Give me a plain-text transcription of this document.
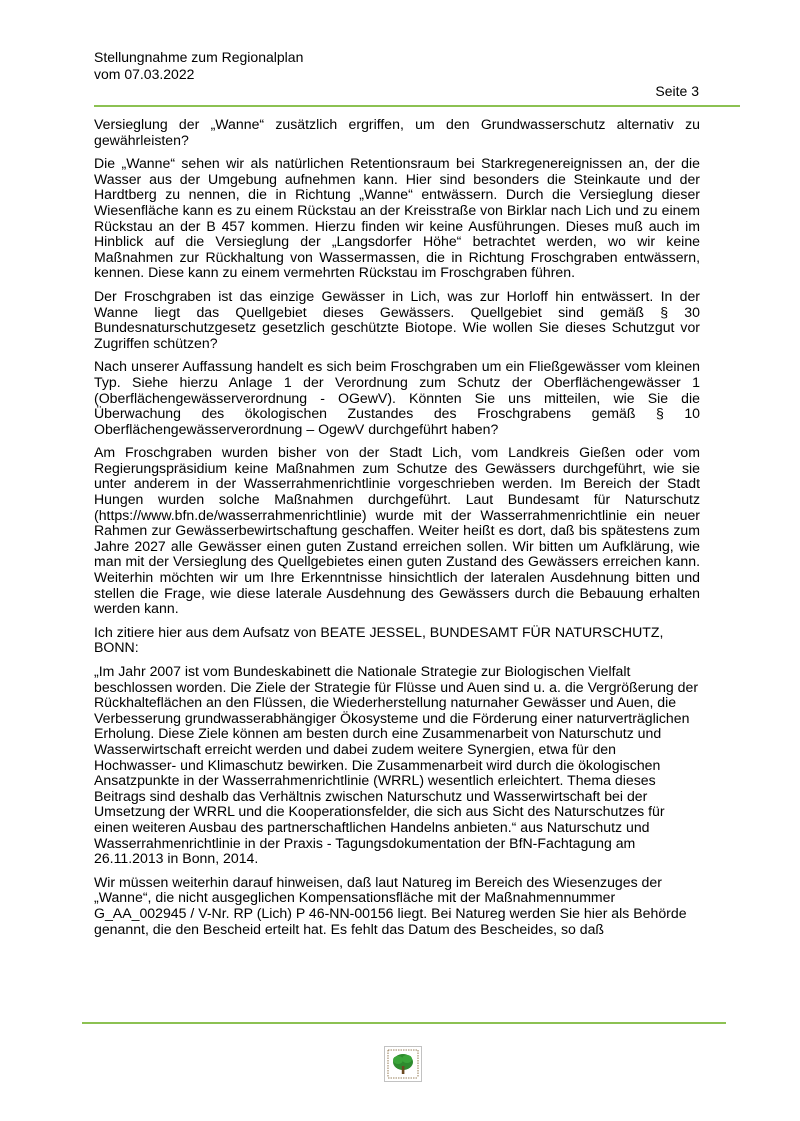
Stellungnahme zum Regionalplan
vom 07.03.2022
Seite 3

Versieglung der „Wanne“ zusätzlich ergriffen, um den Grundwasserschutz alternativ zu gewährleisten?

Die „Wanne“ sehen wir als natürlichen Retentionsraum bei Starkregenereignissen an, der die Wasser aus der Umgebung aufnehmen kann. Hier sind besonders die Steinkaute und der Hardtberg zu nennen, die in Richtung „Wanne“ entwässern. Durch die Versieglung dieser Wiesenfläche kann es zu einem Rückstau an der Kreisstraße von Birklar nach Lich und zu einem Rückstau an der B 457 kommen. Hierzu finden wir keine Ausführungen. Dieses muß auch im Hinblick auf die Versieglung der „Langsdorfer Höhe“ betrachtet werden, wo wir keine Maßnahmen zur Rückhaltung von Wassermassen, die in Richtung Froschgraben entwässern, kennen. Diese kann zu einem vermehrten Rückstau im Froschgraben führen.

Der Froschgraben ist das einzige Gewässer in Lich, was zur Horloff hin entwässert. In der Wanne liegt das Quellgebiet dieses Gewässers. Quellgebiet sind gemäß § 30 Bundesnaturschutzgesetz gesetzlich geschützte Biotope. Wie wollen Sie dieses Schutzgut vor Zugriffen schützen?

Nach unserer Auffassung handelt es sich beim Froschgraben um ein Fließgewässer vom kleinen Typ. Siehe hierzu Anlage 1 der Verordnung zum Schutz der Oberflächengewässer 1 (Oberflächengewässerverordnung - OGewV). Könnten Sie uns mitteilen, wie Sie die Überwachung des ökologischen Zustandes des Froschgrabens gemäß § 10 Oberflächengewässerverordnung – OgewV durchgeführt haben?

Am Froschgraben wurden bisher von der Stadt Lich, vom Landkreis Gießen oder vom Regierungspräsidium keine Maßnahmen zum Schutze des Gewässers durchgeführt, wie sie unter anderem in der Wasserrahmenrichtlinie vorgeschrieben werden. Im Bereich der Stadt Hungen wurden solche Maßnahmen durchgeführt. Laut Bundesamt für Naturschutz (https://www.bfn.de/wasserrahmenrichtlinie) wurde mit der Wasserrahmenrichtlinie ein neuer Rahmen zur Gewässerbewirtschaftung geschaffen. Weiter heißt es dort, daß bis spätestens zum Jahre 2027 alle Gewässer einen guten Zustand erreichen sollen. Wir bitten um Aufklärung, wie man mit der Versieglung des Quellgebietes einen guten Zustand des Gewässers erreichen kann. Weiterhin möchten wir um Ihre Erkenntnisse hinsichtlich der lateralen Ausdehnung bitten und stellen die Frage, wie diese laterale Ausdehnung des Gewässers durch die Bebauung erhalten werden kann.

Ich zitiere hier aus dem Aufsatz von BEATE JESSEL, BUNDESAMT FÜR NATURSCHUTZ, BONN:

„Im Jahr 2007 ist vom Bundeskabinett die Nationale Strategie zur Biologischen Vielfalt beschlossen worden. Die Ziele der Strategie für Flüsse und Auen sind u. a. die Vergrößerung der Rückhalteflächen an den Flüssen, die Wiederherstellung naturnaher Gewässer und Auen, die Verbesserung grundwasserabhängiger Ökosysteme und die Förderung einer naturverträglichen Erholung. Diese Ziele können am besten durch eine Zusammenarbeit von Naturschutz und Wasserwirtschaft erreicht werden und dabei zudem weitere Synergien, etwa für den Hochwasser- und Klimaschutz bewirken. Die Zusammenarbeit wird durch die ökologischen Ansatzpunkte in der Wasserrahmenrichtlinie (WRRL) wesentlich erleichtert. Thema dieses Beitrags sind deshalb das Verhältnis zwischen Naturschutz und Wasserwirtschaft bei der Umsetzung der WRRL und die Kooperationsfelder, die sich aus Sicht des Naturschutzes für einen weiteren Ausbau des partnerschaftlichen Handelns anbieten.“ aus Naturschutz und Wasserrahmenrichtlinie in der Praxis - Tagungsdokumentation der BfN-Fachtagung am 26.11.2013 in Bonn, 2014.

Wir müssen weiterhin darauf hinweisen, daß laut Natureg im Bereich des Wiesenzuges der „Wanne“, die nicht ausgeglichen Kompensationsfläche mit der Maßnahmennummer G_AA_002945 / V-Nr. RP (Lich) P 46-NN-00156 liegt. Bei Natureg werden Sie hier als Behörde genannt, die den Bescheid erteilt hat. Es fehlt das Datum des Bescheides, so daß
